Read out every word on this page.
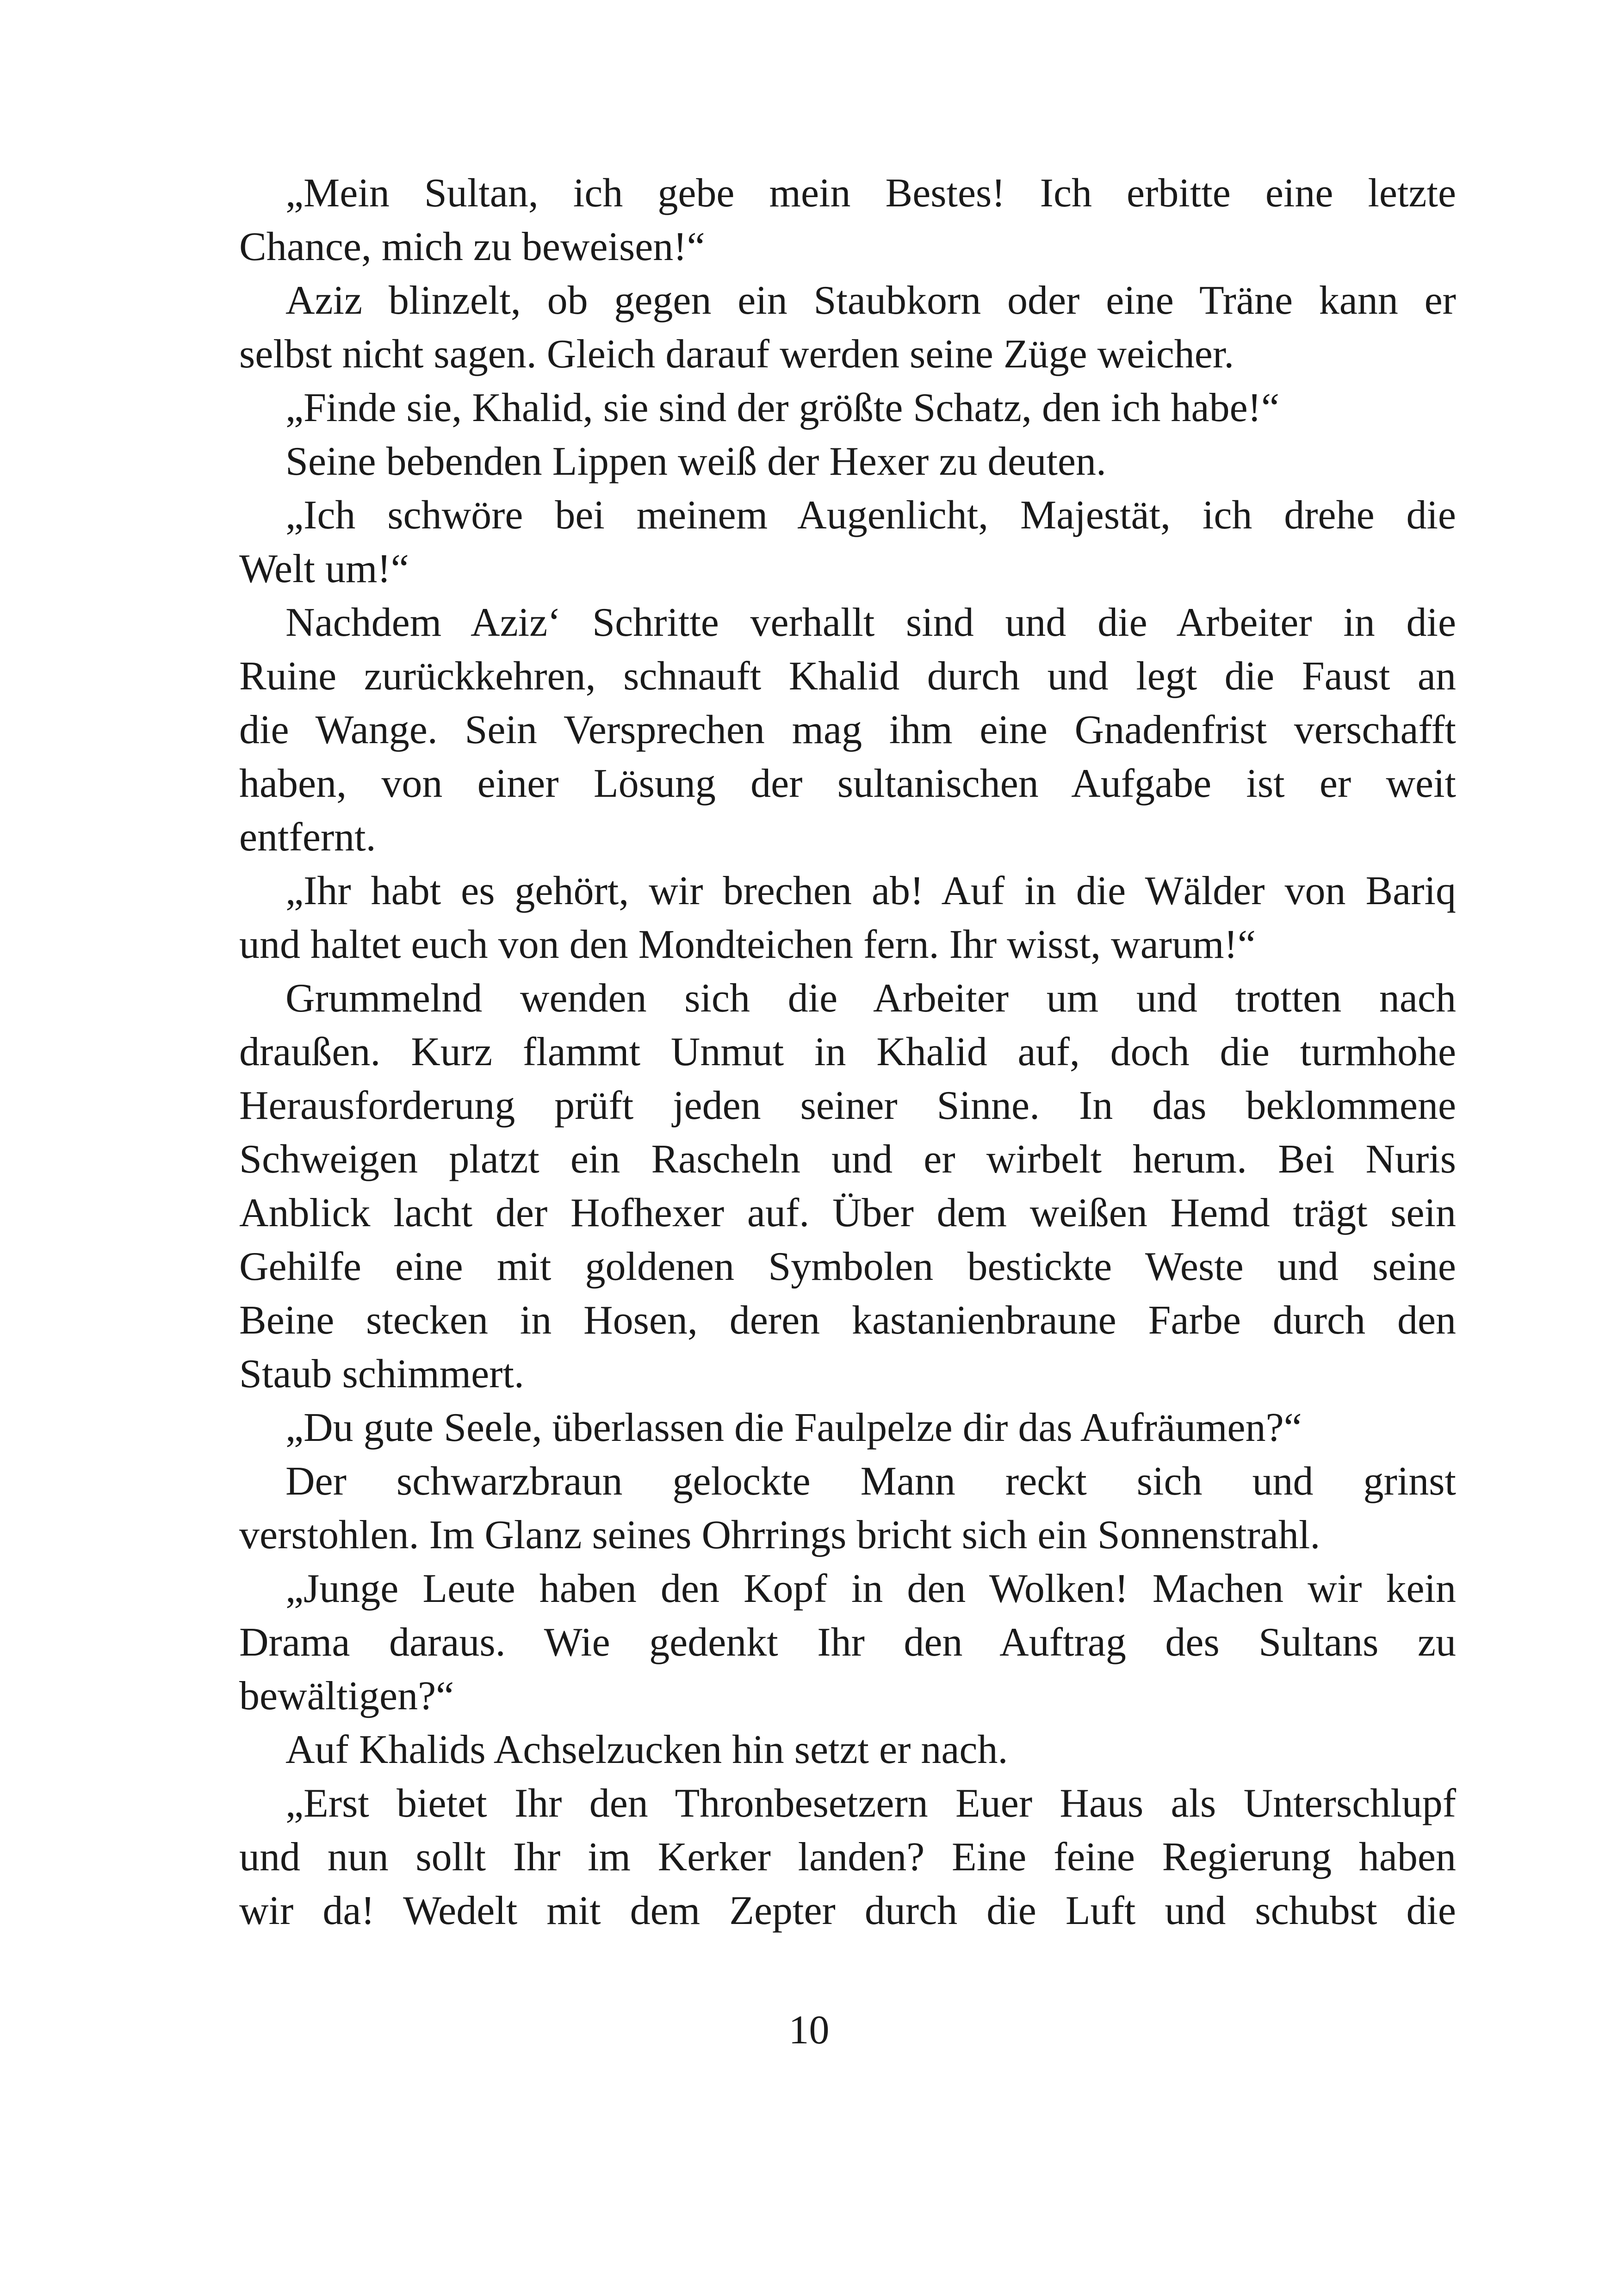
„Mein Sultan, ich gebe mein Bestes! Ich erbitte eine letzte
Chance, mich zu beweisen!“
Aziz blinzelt, ob gegen ein Staubkorn oder eine Träne kann er
selbst nicht sagen. Gleich darauf werden seine Züge weicher.
„Finde sie, Khalid, sie sind der größte Schatz, den ich habe!“
Seine bebenden Lippen weiß der Hexer zu deuten.
„Ich schwöre bei meinem Augenlicht, Majestät, ich drehe die
Welt um!“
Nachdem Aziz‘ Schritte verhallt sind und die Arbeiter in die
Ruine zurückkehren, schnauft Khalid durch und legt die Faust an
die Wange. Sein Versprechen mag ihm eine Gnadenfrist verschafft
haben, von einer Lösung der sultanischen Aufgabe ist er weit
entfernt.
„Ihr habt es gehört, wir brechen ab! Auf in die Wälder von Bariq
und haltet euch von den Mondteichen fern. Ihr wisst, warum!“
Grummelnd wenden sich die Arbeiter um und trotten nach
draußen. Kurz flammt Unmut in Khalid auf, doch die turmhohe
Herausforderung prüft jeden seiner Sinne. In das beklommene
Schweigen platzt ein Rascheln und er wirbelt herum. Bei Nuris
Anblick lacht der Hofhexer auf. Über dem weißen Hemd trägt sein
Gehilfe eine mit goldenen Symbolen bestickte Weste und seine
Beine stecken in Hosen, deren kastanienbraune Farbe durch den
Staub schimmert.
„Du gute Seele, überlassen die Faulpelze dir das Aufräumen?“
Der schwarzbraun gelockte Mann reckt sich und grinst
verstohlen. Im Glanz seines Ohrrings bricht sich ein Sonnenstrahl.
„Junge Leute haben den Kopf in den Wolken! Machen wir kein
Drama daraus. Wie gedenkt Ihr den Auftrag des Sultans zu
bewältigen?“
Auf Khalids Achselzucken hin setzt er nach.
„Erst bietet Ihr den Thronbesetzern Euer Haus als Unterschlupf
und nun sollt Ihr im Kerker landen? Eine feine Regierung haben
wir da! Wedelt mit dem Zepter durch die Luft und schubst die
10
